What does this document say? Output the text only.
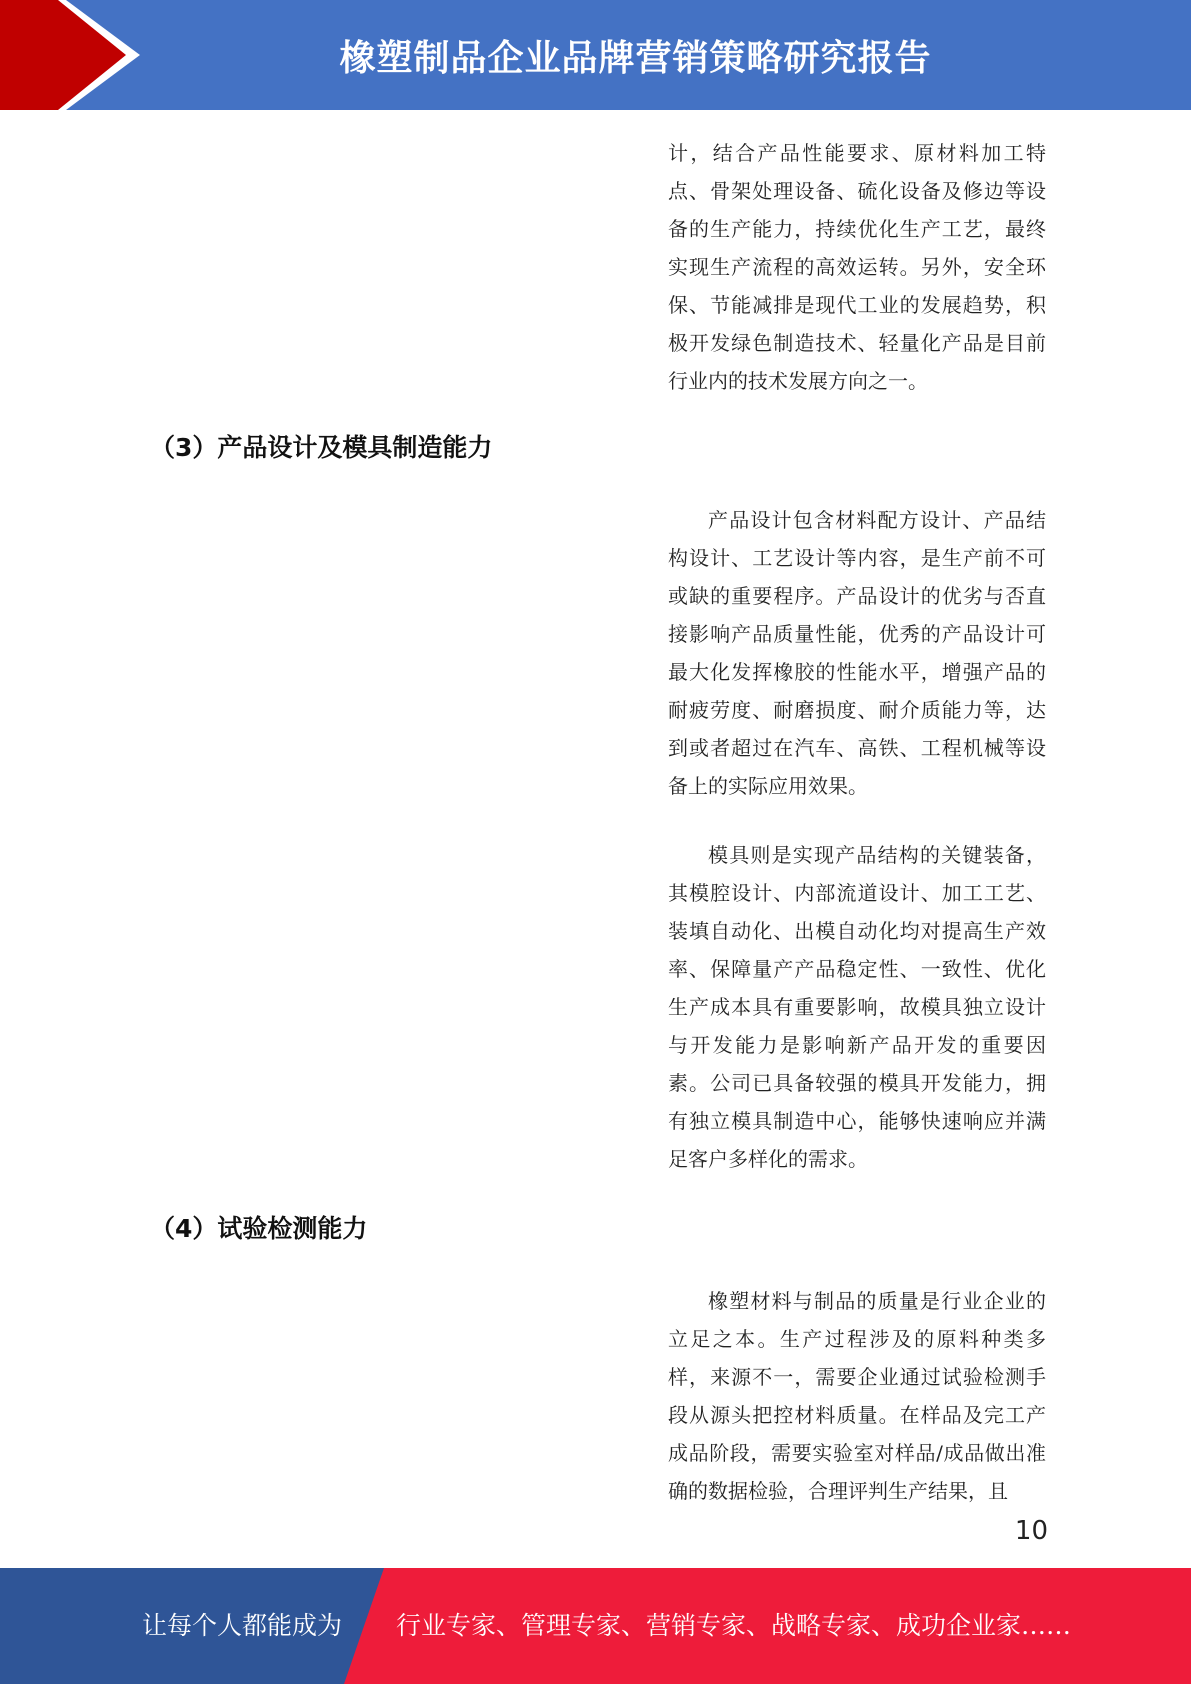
橡塑制品企业品牌营销策略研究报告

计，结合产品性能要求、原材料加工特点、骨架处理设备、硫化设备及修边等设备的生产能力，持续优化生产工艺，最终实现生产流程的高效运转。另外，安全环保、节能减排是现代工业的发展趋势，积极开发绿色制造技术、轻量化产品是目前行业内的技术发展方向之一。

（3）产品设计及模具制造能力

产品设计包含材料配方设计、产品结构设计、工艺设计等内容，是生产前不可或缺的重要程序。产品设计的优劣与否直接影响产品质量性能，优秀的产品设计可最大化发挥橡胶的性能水平，增强产品的耐疲劳度、耐磨损度、耐介质能力等，达到或者超过在汽车、高铁、工程机械等设备上的实际应用效果。

模具则是实现产品结构的关键装备，其模腔设计、内部流道设计、加工工艺、装填自动化、出模自动化均对提高生产效率、保障量产产品稳定性、一致性、优化生产成本具有重要影响，故模具独立设计与开发能力是影响新产品开发的重要因素。公司已具备较强的模具开发能力，拥有独立模具制造中心，能够快速响应并满足客户多样化的需求。

（4）试验检测能力

橡塑材料与制品的质量是行业企业的立足之本。生产过程涉及的原料种类多样，来源不一，需要企业通过试验检测手段从源头把控材料质量。在样品及完工产成品阶段，需要实验室对样品/成品做出准确的数据检验，合理评判生产结果，且

10
让每个人都能成为 行业专家、管理专家、营销专家、战略专家、成功企业家……
